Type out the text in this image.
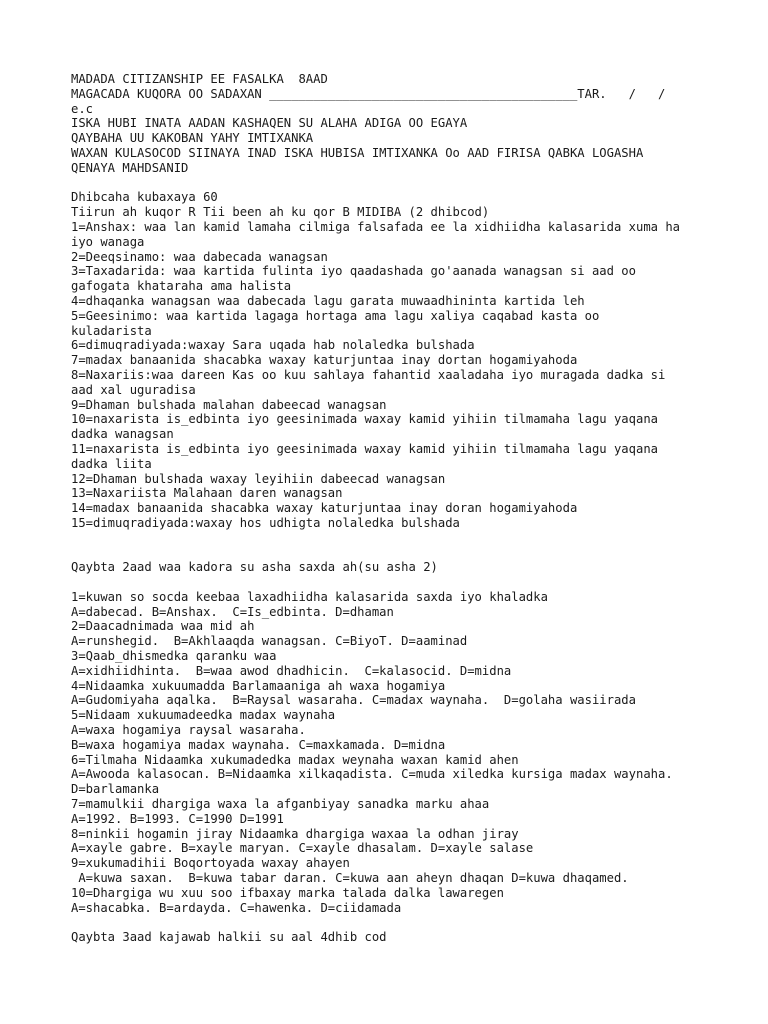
MADADA CITIZANSHIP EE FASALKA  8AAD
MAGACADA KUQORA OO SADAXAN __________________________________________TAR.   /   /
e.c
ISKA HUBI INATA AADAN KASHAQEN SU ALAHA ADIGA OO EGAYA
QAYBAHA UU KAKOBAN YAHY IMTIXANKA
WAXAN KULASOCOD SIINAYA INAD ISKA HUBISA IMTIXANKA Oo AAD FIRISA QABKA LOGASHA
QENAYA MAHDSANID
Dhibcaha kubaxaya 60
Tiirun ah kuqor R Tii been ah ku qor B MIDIBA (2 dhibcod)
1=Anshax: waa lan kamid lamaha cilmiga falsafada ee la xidhiidha kalasarida xuma ha
iyo wanaga
2=Deeqsinamo: waa dabecada wanagsan
3=Taxadarida: waa kartida fulinta iyo qaadashada go'aanada wanagsan si aad oo
gafogata khataraha ama halista
4=dhaqanka wanagsan waa dabecada lagu garata muwaadhininta kartida leh
5=Geesinimo: waa kartida lagaga hortaga ama lagu xaliya caqabad kasta oo
kuladarista
6=dimuqradiyada:waxay Sara uqada hab nolaledka bulshada
7=madax banaanida shacabka waxay katurjuntaa inay dortan hogamiyahoda
8=Naxariis:waa dareen Kas oo kuu sahlaya fahantid xaaladaha iyo muragada dadka si
aad xal uguradisa
9=Dhaman bulshada malahan dabeecad wanagsan
10=naxarista is_edbinta iyo geesinimada waxay kamid yihiin tilmamaha lagu yaqana
dadka wanagsan
11=naxarista is_edbinta iyo geesinimada waxay kamid yihiin tilmamaha lagu yaqana
dadka liita
12=Dhaman bulshada waxay leyihiin dabeecad wanagsan
13=Naxariista Malahaan daren wanagsan
14=madax banaanida shacabka waxay katurjuntaa inay doran hogamiyahoda
15=dimuqradiyada:waxay hos udhigta nolaledka bulshada
Qaybta 2aad waa kadora su asha saxda ah(su asha 2)
1=kuwan so socda keebaa laxadhiidha kalasarida saxda iyo khaladka
A=dabecad. B=Anshax.  C=Is_edbinta. D=dhaman
2=Daacadnimada waa mid ah
A=runshegid.  B=Akhlaaqda wanagsan. C=BiyoT. D=aaminad
3=Qaab_dhismedka qaranku waa
A=xidhiidhinta.  B=waa awod dhadhicin.  C=kalasocid. D=midna
4=Nidaamka xukuumadda Barlamaaniga ah waxa hogamiya
A=Gudomiyaha aqalka.  B=Raysal wasaraha. C=madax waynaha.  D=golaha wasiirada
5=Nidaam xukuumadeedka madax waynaha
A=waxa hogamiya raysal wasaraha.
B=waxa hogamiya madax waynaha. C=maxkamada. D=midna
6=Tilmaha Nidaamka xukumadedka madax weynaha waxan kamid ahen
A=Awooda kalasocan. B=Nidaamka xilkaqadista. C=muda xiledka kursiga madax waynaha.
D=barlamanka
7=mamulkii dhargiga waxa la afganbiyay sanadka marku ahaa
A=1992. B=1993. C=1990 D=1991
8=ninkii hogamin jiray Nidaamka dhargiga waxaa la odhan jiray
A=xayle gabre. B=xayle maryan. C=xayle dhasalam. D=xayle salase
9=xukumadihii Boqortoyada waxay ahayen
A=kuwa saxan.  B=kuwa tabar daran. C=kuwa aan aheyn dhaqan D=kuwa dhaqamed.
10=Dhargiga wu xuu soo ifbaxay marka talada dalka lawaregen
A=shacabka. B=ardayda. C=hawenka. D=ciidamada
Qaybta 3aad kajawab halkii su aal 4dhib cod
